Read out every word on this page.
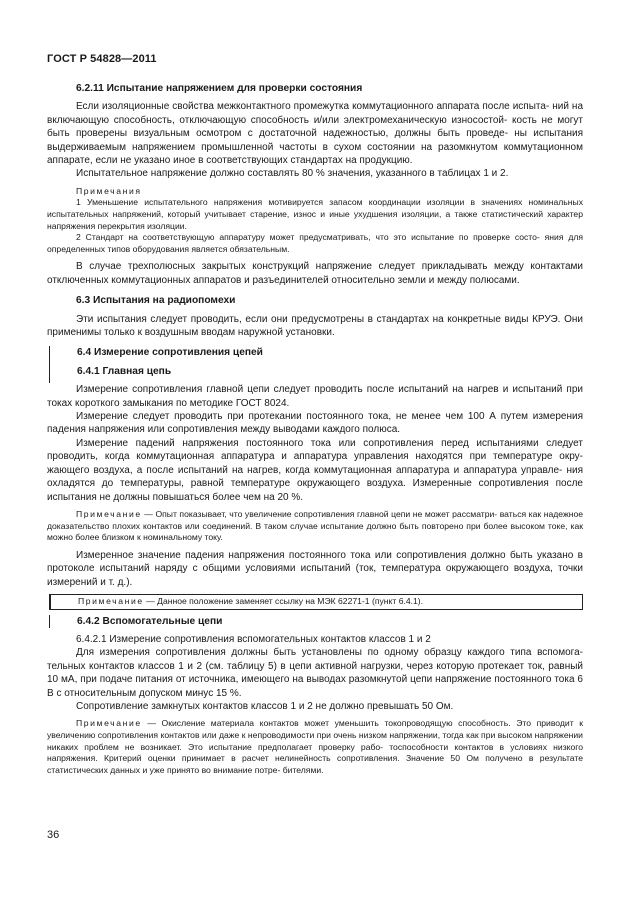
ГОСТ Р 54828—2011

6.2.11 Испытание напряжением для проверки состояния

Если изоляционные свойства межконтактного промежутка коммутационного аппарата после испыта- ний на включающую способность, отключающую способность и/или электромеханическую износостой- кость не могут быть проверены визуальным осмотром с достаточной надежностью, должны быть проведе- ны испытания выдерживаемым напряжением промышленной частоты в сухом состоянии на разомкнутом коммутационном аппарате, если не указано иное в соответствующих стандартах на продукцию.

Испытательное напряжение должно составлять 80 % значения, указанного в таблицах 1 и 2.

Примечания

1 Уменьшение испытательного напряжения мотивируется запасом координации изоляции в значениях номинальных испытательных напряжений, который учитывает старение, износ и иные ухудшения изоляции, а также статистический характер напряжения перекрытия изоляции.

2 Стандарт на соответствующую аппаратуру может предусматривать, что это испытание по проверке состо- яния для определенных типов оборудования является обязательным.

В случае трехполюсных закрытых конструкций напряжение следует прикладывать между контактами отключенных коммутационных аппаратов и разъединителей относительно земли и между полюсами.

6.3 Испытания на радиопомехи

Эти испытания следует проводить, если они предусмотрены в стандартах на конкретные виды КРУЭ. Они применимы только к воздушным вводам наружной установки.

6.4 Измерение сопротивления цепей

6.4.1 Главная цепь

Измерение сопротивления главной цепи следует проводить после испытаний на нагрев и испытаний при токах короткого замыкания по методике ГОСТ 8024.

Измерение следует проводить при протекании постоянного тока, не менее чем 100 А путем измерения падения напряжения или сопротивления между выводами каждого полюса.

Измерение падений напряжения постоянного тока или сопротивления перед испытаниями следует проводить, когда коммутационная аппаратура и аппаратура управления находятся при температуре окру- жающего воздуха, а после испытаний на нагрев, когда коммутационная аппаратура и аппаратура управле- ния охладятся до температуры, равной температуре окружающего воздуха. Измеренные сопротивления после испытания не должны повышаться более чем на 20 %.

Примечание — Опыт показывает, что увеличение сопротивления главной цепи не может рассматри- ваться как надежное доказательство плохих контактов или соединений. В таком случае испытание должно быть повторено при более высоком токе, как можно более близком к номинальному току.

Измеренное значение падения напряжения постоянного тока или сопротивления должно быть указано в протоколе испытаний наряду с общими условиями испытаний (ток, температура окружающего воздуха, точки измерений и т. д.).

Примечание — Данное положение заменяет ссылку на МЭК 62271-1 (пункт 6.4.1).

6.4.2 Вспомогательные цепи

6.4.2.1 Измерение сопротивления вспомогательных контактов классов 1 и 2

Для измерения сопротивления должны быть установлены по одному образцу каждого типа вспомога- тельных контактов классов 1 и 2 (см. таблицу 5) в цепи активной нагрузки, через которую протекает ток, равный 10 мА, при подаче питания от источника, имеющего на выводах разомкнутой цепи напряжение постоянного тока 6 В с относительным допуском минус 15 %.

Сопротивление замкнутых контактов классов 1 и 2 не должно превышать 50 Ом.

Примечание — Окисление материала контактов может уменьшить токопроводящую способность. Это приводит к увеличению сопротивления контактов или даже к непроводимости при очень низком напряжении, тогда как при высоком напряжении никаких проблем не возникает. Это испытание предполагает проверку рабо- тоспособности контактов в условиях низкого напряжения. Критерий оценки принимает в расчет нелинейность сопротивления. Значение 50 Ом получено в результате статистических данных и уже принято во внимание потре- бителями.

36
